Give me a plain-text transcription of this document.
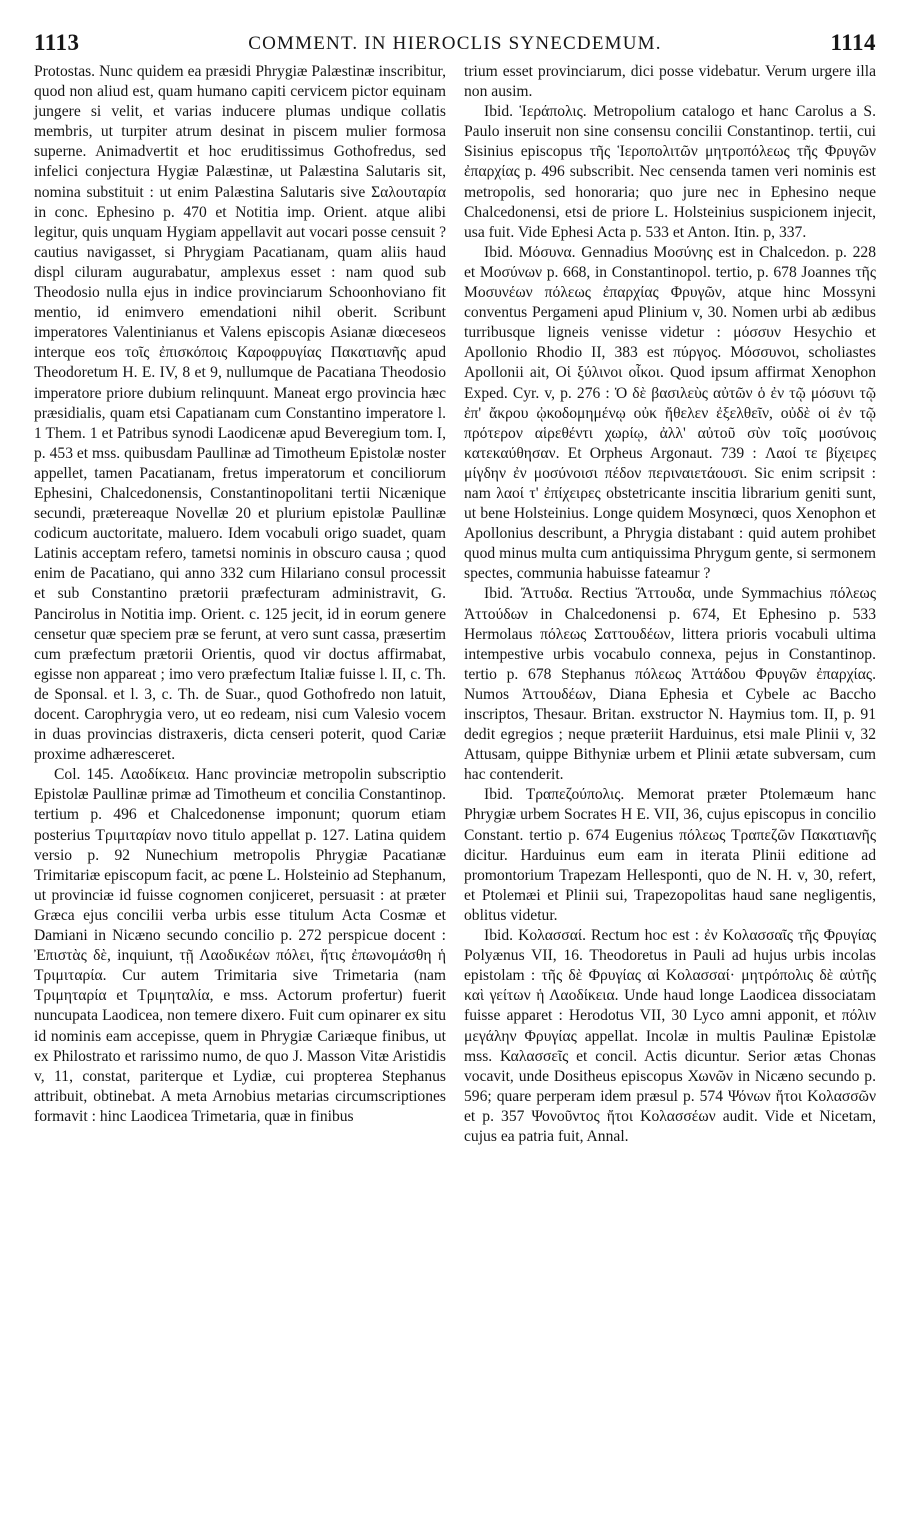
1113	COMMENT. IN HIEROCLIS SYNECDEMUM.	1114

Protostas. Nunc quidem ea præsidi Phrygiæ Palæstinæ inscribitur, quod non aliud est, quam humano capiti cervicem pictor equinam jungere si velit, et varias inducere plumas undique collatis membris, ut turpiter atrum desinat in piscem mulier formosa superne. Animadvertit et hoc eruditissimus Gothofredus, sed infelici conjectura Hygiæ Palæstinæ, ut Palæstina Salutaris sit, nomina substituit : ut enim Palæstina Salutaris sive Σαλουταρία in conc. Ephesino p. 470 et Notitia imp. Orient. atque alibi legitur, quis unquam Hygiam appellavit aut vocari posse censuit ? cautius navigasset, si Phrygiam Pacatianam, quam aliis haud displ ciluram augurabatur, amplexus esset : nam quod sub Theodosio nulla ejus in indice provinciarum Schoonhoviano fit mentio, id enimvero emendationi nihil oberit. Scribunt imperatores Valentinianus et Valens episcopis Asianæ diœceseos interque eos τοῖς ἐπισκόποις Καροφρυγίας Πακατιανῆς apud Theodoretum H. E. IV, 8 et 9, nullumque de Pacatiana Theodosio imperatore priore dubium relinquunt. Maneat ergo provincia hæc præsidialis, quam etsi Capatianam cum Constantino imperatore l. 1 Them. 1 et Patribus synodi Laodicenæ apud Beveregium tom. I, p. 453 et mss. quibusdam Paullinæ ad Timotheum Epistolæ noster appellet, tamen Pacatianam, fretus imperatorum et conciliorum Ephesini, Chalcedonensis, Constantinopolitani tertii Nicænique secundi, prætereaque Novellæ 20 et plurium epistolæ Paullinæ codicum auctoritate, maluero. Idem vocabuli origo suadet, quam Latinis acceptam refero, tametsi nominis in obscuro causa ; quod enim de Pacatiano, qui anno 332 cum Hilariano consul processit et sub Constantino prætorii præfecturam administravit, G. Pancirolus in Notitia imp. Orient. c. 125 jecit, id in eorum genere censetur quæ speciem præ se ferunt, at vero sunt cassa, præsertim cum præfectum prætorii Orientis, quod vir doctus affirmabat, egisse non appareat ; imo vero præfectum Italiæ fuisse l. II, c. Th. de Sponsal. et l. 3, c. Th. de Suar., quod Gothofredo non latuit, docent. Carophrygia vero, ut eo redeam, nisi cum Valesio vocem in duas provincias distraxeris, dicta censeri poterit, quod Cariæ proxime adhæresceret.

Col. 145. Λαοδίκεια. Hanc provinciæ metropolin subscriptio Epistolæ Paullinæ primæ ad Timotheum et concilia Constantinop. tertium p. 496 et Chalcedonense imponunt; quorum etiam posterius Τριμιταρίαν novo titulo appellat p. 127. Latina quidem versio p. 92 Nunechium metropolis Phrygiæ Pacatianæ Trimitariæ episcopum facit, ac pœne L. Holsteinio ad Stephanum, ut provinciæ id fuisse cognomen conjiceret, persuasit : at præter Græca ejus concilii verba urbis esse titulum Acta Cosmæ et Damiani in Nicæno secundo concilio p. 272 perspicue docent : Ἐπιστὰς δὲ, inquiunt, τῇ Λαοδικέων πόλει, ἥτις ἐπωνομάσθη ἡ Τριμιταρία. Cur autem Trimitaria sive Trimetaria (nam Τριμηταρία et Τριμηταλία, e mss. Actorum profertur) fuerit nuncupata Laodicea, non temere dixero. Fuit cum opinarer ex situ id nominis eam accepisse, quem in Phrygiæ Cariæque finibus, ut ex Philostrato et rarissimo numo, de quo J. Masson Vitæ Aristidis v, 11, constat, pariterque et Lydiæ, cui propterea Stephanus attribuit, obtinebat. A meta Arnobius metarias circumscriptiones formavit : hinc Laodicea Trimetaria, quæ in finibus

trium esset provinciarum, dici posse videbatur. Verum urgere illa non ausim.

Ibid. Ἱεράπολις. Metropolium catalogo et hanc Carolus a S. Paulo inseruit non sine consensu concilii Constantinop. tertii, cui Sisinius episcopus τῆς Ἱεροπολιτῶν μητροπόλεως τῆς Φρυγῶν ἐπαρχίας p. 496 subscribit. Nec censenda tamen veri nominis est metropolis, sed honoraria; quo jure nec in Ephesino neque Chalcedonensi, etsi de priore L. Holsteinius suspicionem injecit, usa fuit. Vide Ephesi Acta p. 533 et Anton. Itin. p, 337.

Ibid. Μόσυνα. Gennadius Μοσύνης est in Chalcedon. p. 228 et Μοσύνων p. 668, in Constantinopol. tertio, p. 678 Joannes τῆς Μοσυνέων πόλεως ἐπαρχίας Φρυγῶν, atque hinc Mossyni conventus Pergameni apud Plinium v, 30. Nomen urbi ab ædibus turribusque ligneis venisse videtur : μόσσυν Hesychio et Apollonio Rhodio II, 383 est πύργος. Μόσσυνοι, scholiastes Apollonii ait, Οἱ ξύλινοι οἶκοι. Quod ipsum affirmat Xenophon Exped. Cyr. v, p. 276 : Ὁ δὲ βασιλεὺς αὐτῶν ὁ ἐν τῷ μόσυνι τῷ ἐπ' ἄκρου ᾠκοδομημένῳ οὐκ ἤθελεν ἐξελθεῖν, οὐδὲ οἱ ἐν τῷ πρότερον αἱρεθέντι χωρίῳ, ἀλλ' αὐτοῦ σὺν τοῖς μοσύνοις κατεκαύθησαν. Et Orpheus Argonaut. 739 : Λαοί τε βίχειρες μίγδην ἐν μοσύνοισι πέδον περιναιετάουσι. Sic enim scripsit : nam λαοί τ' ἐπίχειρες obstetricante inscitia librarium geniti sunt, ut bene Holsteinius. Longe quidem Mosynœci, quos Xenophon et Apollonius describunt, a Phrygia distabant : quid autem prohibet quod minus multa cum antiquissima Phrygum gente, si sermonem spectes, communia habuisse fateamur ?

Ibid. Ἄττυδα. Rectius Ἄττουδα, unde Symmachius πόλεως Ἀττούδων in Chalcedonensi p. 674, Et Ephesino p. 533 Hermolaus πόλεως Σαττουδέων, littera prioris vocabuli ultima intempestive urbis vocabulo connexa, pejus in Constantinop. tertio p. 678 Stephanus πόλεως Ἀττάδου Φρυγῶν ἐπαρχίας. Numos Ἀττουδέων, Diana Ephesia et Cybele ac Baccho inscriptos, Thesaur. Britan. exstructor N. Haymius tom. II, p. 91 dedit egregios ; neque præteriit Harduinus, etsi male Plinii v, 32 Attusam, quippe Bithyniæ urbem et Plinii ætate subversam, cum hac contenderit.

Ibid. Τραπεζούπολις. Memorat præter Ptolemæum hanc Phrygiæ urbem Socrates H E. VII, 36, cujus episcopus in concilio Constant. tertio p. 674 Eugenius πόλεως Τραπεζῶν Πακατιανῆς dicitur. Harduinus eum eam in iterata Plinii editione ad promontorium Trapezam Hellesponti, quo de N. H. v, 30, refert, et Ptolemæi et Plinii sui, Trapezopolitas haud sane negligentis, oblitus videtur.

Ibid. Κολασσαί. Rectum hoc est : ἐν Κολασσαῖς τῆς Φρυγίας Polyænus VII, 16. Theodoretus in Pauli ad hujus urbis incolas epistolam : τῆς δὲ Φρυγίας αἱ Κολασσαί· μητρόπολις δὲ αὐτῆς καὶ γείτων ἡ Λαοδίκεια. Unde haud longe Laodicea dissociatam fuisse apparet : Herodotus VII, 30 Lyco amni apponit, et πόλιν μεγάλην Φρυγίας appellat. Incolæ in multis Paulinæ Epistolæ mss. Καλασσεῖς et concil. Actis dicuntur. Serior ætas Chonas vocavit, unde Dositheus episcopus Χωνῶν in Nicæno secundo p. 596; quare perperam idem præsul p. 574 Ψόνων ἤτοι Κολασσῶν et p. 357 Ψονοῦντος ἤτοι Κολασσέων audit. Vide et Nicetam, cujus ea patria fuit, Annal.
